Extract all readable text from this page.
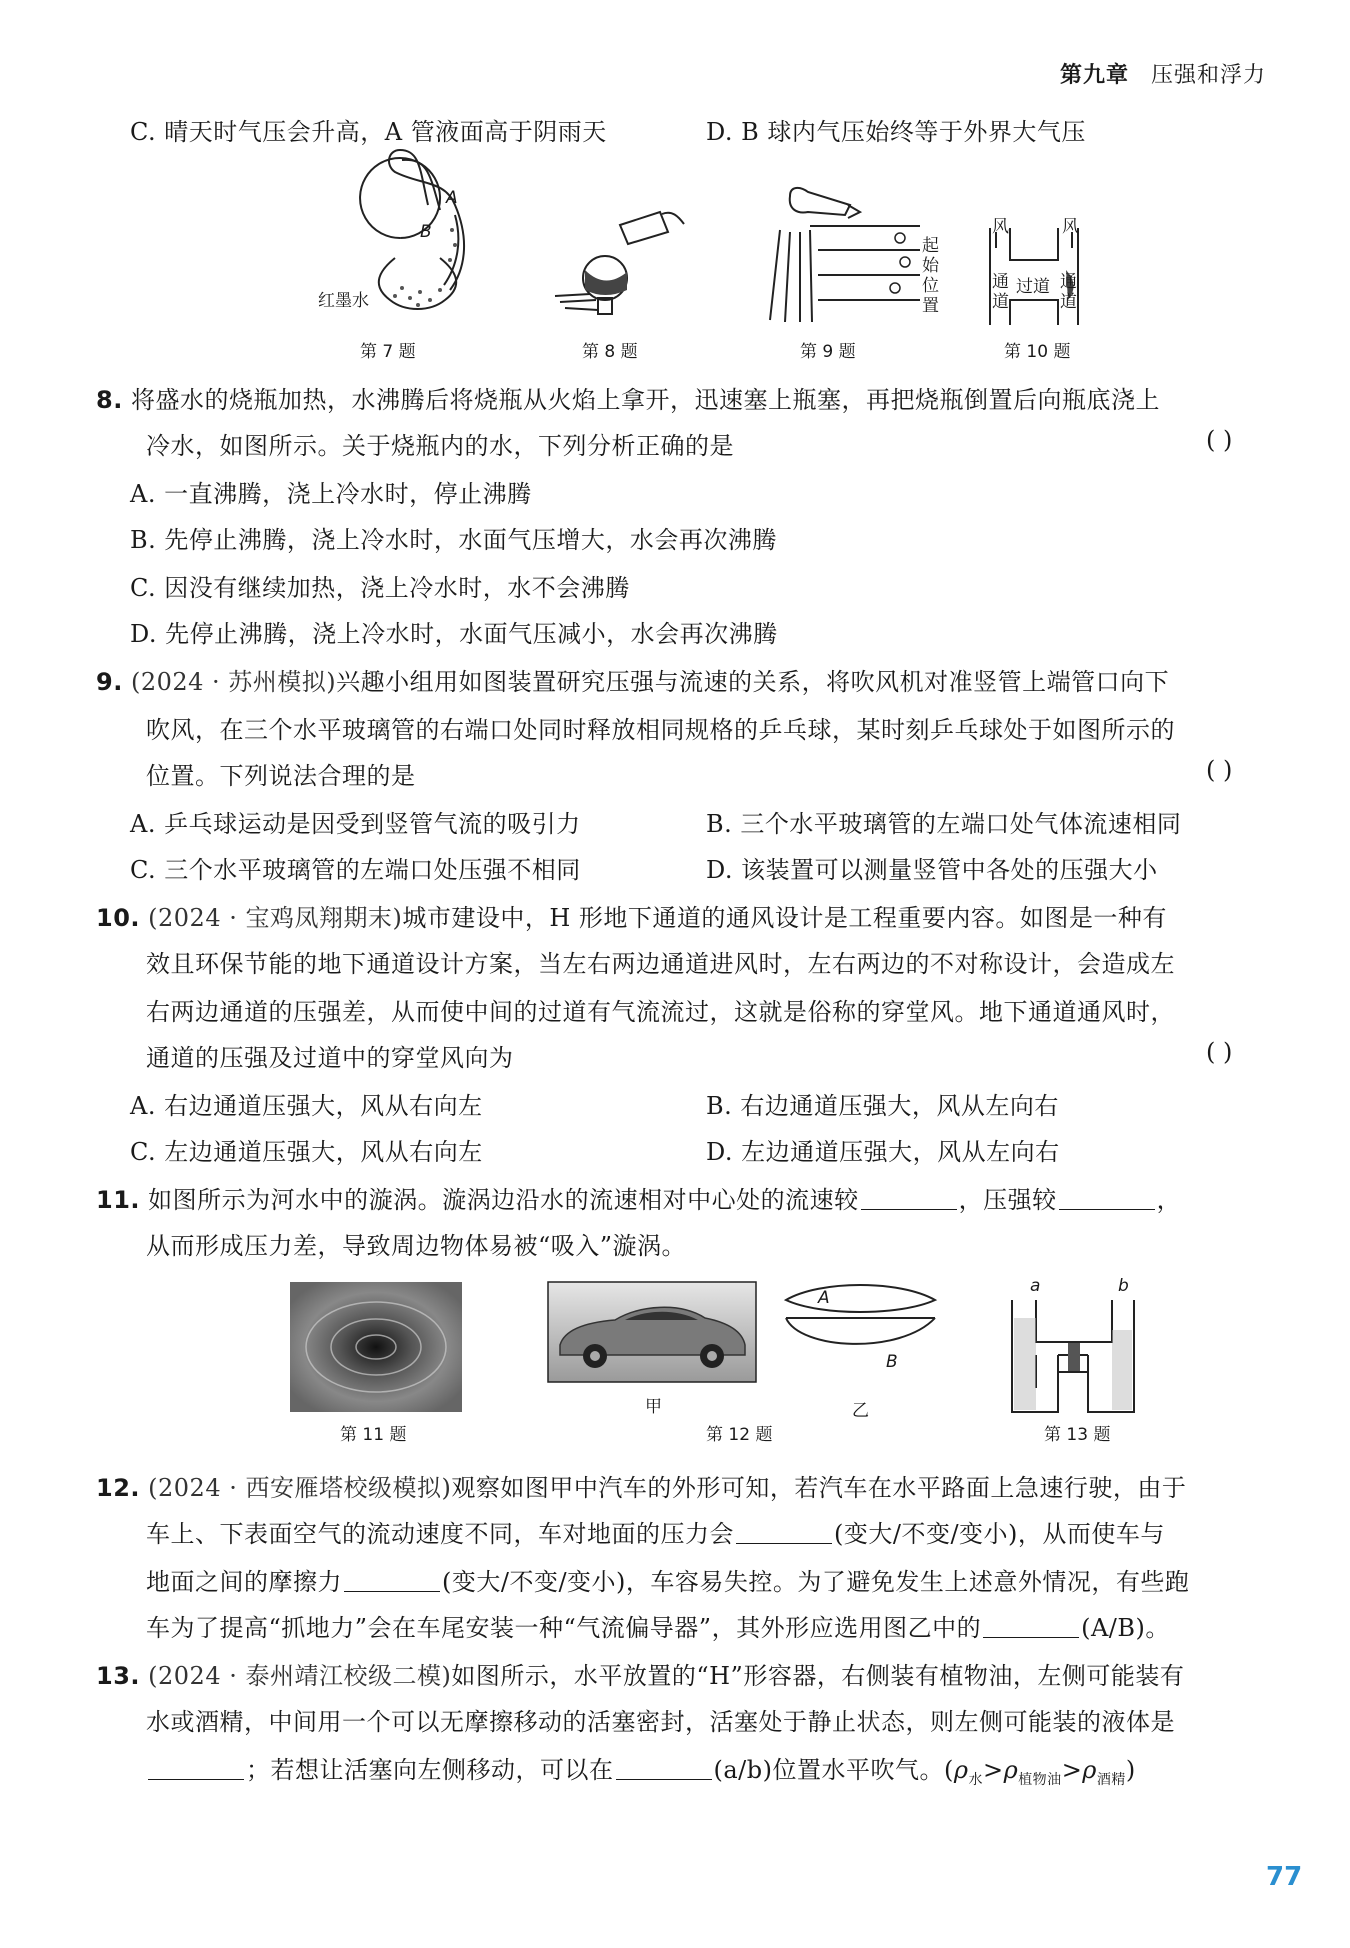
第九章 压强和浮力
C. 晴天时气压会升高，A 管液面高于阴雨天	D. B 球内气压始终等于外界大气压
A
B
红墨水
第 7 题	第 8 题
起
始
位
置
第 9 题
风	风
通
道
通
道
过道
第 10 题
8. 将盛水的烧瓶加热，水沸腾后将烧瓶从火焰上拿开，迅速塞上瓶塞，再把烧瓶倒置后向瓶底浇上
冷水，如图所示。关于烧瓶内的水，下列分析正确的是	( )
A. 一直沸腾，浇上冷水时，停止沸腾
B. 先停止沸腾，浇上冷水时，水面气压增大，水会再次沸腾
C. 因没有继续加热，浇上冷水时，水不会沸腾
D. 先停止沸腾，浇上冷水时，水面气压减小，水会再次沸腾
9. (2024 · 苏州模拟)兴趣小组用如图装置研究压强与流速的关系，将吹风机对准竖管上端管口向下
吹风，在三个水平玻璃管的右端口处同时释放相同规格的乒乓球，某时刻乒乓球处于如图所示的
位置。下列说法合理的是	( )
A. 乒乓球运动是因受到竖管气流的吸引力	B. 三个水平玻璃管的左端口处气体流速相同
C. 三个水平玻璃管的左端口处压强不相同	D. 该装置可以测量竖管中各处的压强大小
10. (2024 · 宝鸡凤翔期末)城市建设中，H 形地下通道的通风设计是工程重要内容。如图是一种有
效且环保节能的地下通道设计方案，当左右两边通道进风时，左右两边的不对称设计，会造成左
右两边通道的压强差，从而使中间的过道有气流流过，这就是俗称的穿堂风。地下通道通风时，
通道的压强及过道中的穿堂风向为	( )
A. 右边通道压强大，风从右向左	B. 右边通道压强大，风从左向右
C. 左边通道压强大，风从右向左	D. 左边通道压强大，风从左向右
11. 如图所示为河水中的漩涡。漩涡边沿水的流速相对中心处的流速较	，压强较	，
从而形成压力差，导致周边物体易被“吸入”漩涡。
第 11 题
甲	乙
A
B
第 12 题
a	b
第 13 题
12. (2024 · 西安雁塔校级模拟)观察如图甲中汽车的外形可知，若汽车在水平路面上急速行驶，由于
车上、下表面空气的流动速度不同，车对地面的压力会	(变大/不变/变小)，从而使车与
地面之间的摩擦力	(变大/不变/变小)，车容易失控。为了避免发生上述意外情况，有些跑
车为了提高“抓地力”会在车尾安装一种“气流偏导器”，其外形应选用图乙中的	(A/B)。
13. (2024 · 泰州靖江校级二模)如图所示，水平放置的“H”形容器，右侧装有植物油，左侧可能装有
水或酒精，中间用一个可以无摩擦移动的活塞密封，活塞处于静止状态，则左侧可能装的液体是
；若想让活塞向左侧移动，可以在	(a/b)位置水平吹气。$(\rho_水>\rho_{植物油}>\rho_{酒精})$
77
